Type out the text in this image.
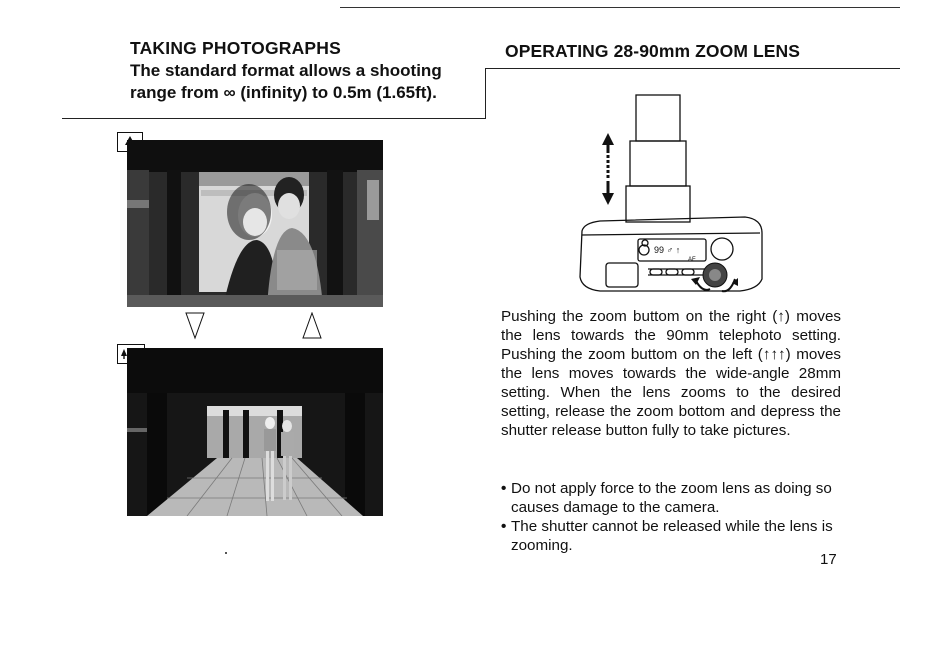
TAKING PHOTOGRAPHS
The standard format allows a shooting
range from ∞ (infinity) to 0.5m (1.65ft).
OPERATING 28-90mm ZOOM LENS
99 ♂ ↑
AF

Pushing the zoom buttom on the right (↑) moves the lens towards the 90mm telephoto setting. Pushing the zoom buttom on the left (↑↑↑) moves the lens moves towards the wide-angle 28mm setting. When the lens zooms to the desired setting, release the zoom bottom and depress the shutter release button fully to take pictures.

• Do not apply force to the zoom lens as doing so causes damage to the camera.
• The shutter cannot be released while the lens is zooming.
17
